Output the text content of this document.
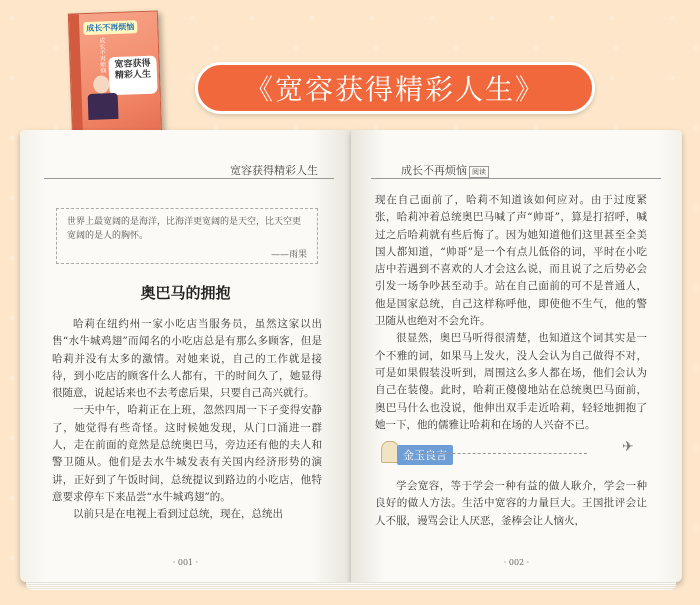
成长不再烦恼
成长不再烦恼 宽容获得精彩人生	《宽容获得精彩人生》
宽容获得精彩人生
世界上最宽阔的是海洋，比海洋更宽阔的是天空，比天空更宽阔的是人的胸怀。
——雨果
奥巴马的拥抱

哈莉在纽约州一家小吃店当服务员，虽然这家以出售“水牛城鸡翅”而闻名的小吃店总是有那么多顾客，但是哈莉并没有太多的激情。对她来说，自己的工作就是接待，到小吃店的顾客什么人都有，干的时间久了，她显得很随意，说起话来也不去考虑后果，只要自己高兴就行。

一天中午，哈莉正在上班，忽然四周一下子变得安静了，她觉得有些奇怪。这时候她发现，从门口涌进一群人，走在前面的竟然是总统奥巴马，旁边还有他的夫人和警卫随从。他们是去水牛城发表有关国内经济形势的演讲，正好到了午饭时间，总统提议到路边的小吃店，他特意要求停车下来品尝“水牛城鸡翅”的。

以前只是在电视上看到过总统，现在，总统出

· 001 ·
成长不再烦恼 阅读

现在自己面前了，哈莉不知道该如何应对。由于过度紧张，哈莉冲着总统奥巴马喊了声“帅哥”，算是打招呼，喊过之后哈莉就有些后悔了。因为她知道他们这里甚至全美国人都知道，“帅哥”是一个有点儿低俗的词，平时在小吃店中若遇到不喜欢的人才会这么说，而且说了之后势必会引发一场争吵甚至动手。站在自己面前的可不是普通人，他是国家总统，自己这样称呼他，即使他不生气，他的警卫随从也绝对不会允许。

很显然，奥巴马听得很清楚，也知道这个词其实是一个不雅的词，如果马上发火，没人会认为自己做得不对，可是如果假装没听到，周围这么多人都在场，他们会认为自己在装傻。此时，哈莉正傻傻地站在总统奥巴马面前，奥巴马什么也没说，他伸出双手走近哈莉，轻轻地拥抱了她一下，他的儒雅让哈莉和在场的人兴奋不已。

金玉良言
✈

学会宽容，等于学会一种有益的做人耿介，学会一种良好的做人方法。生活中宽容的力量巨大。王国批评会让人不服，谩骂会让人厌恶，釜棒会让人恼火，

· 002 ·
